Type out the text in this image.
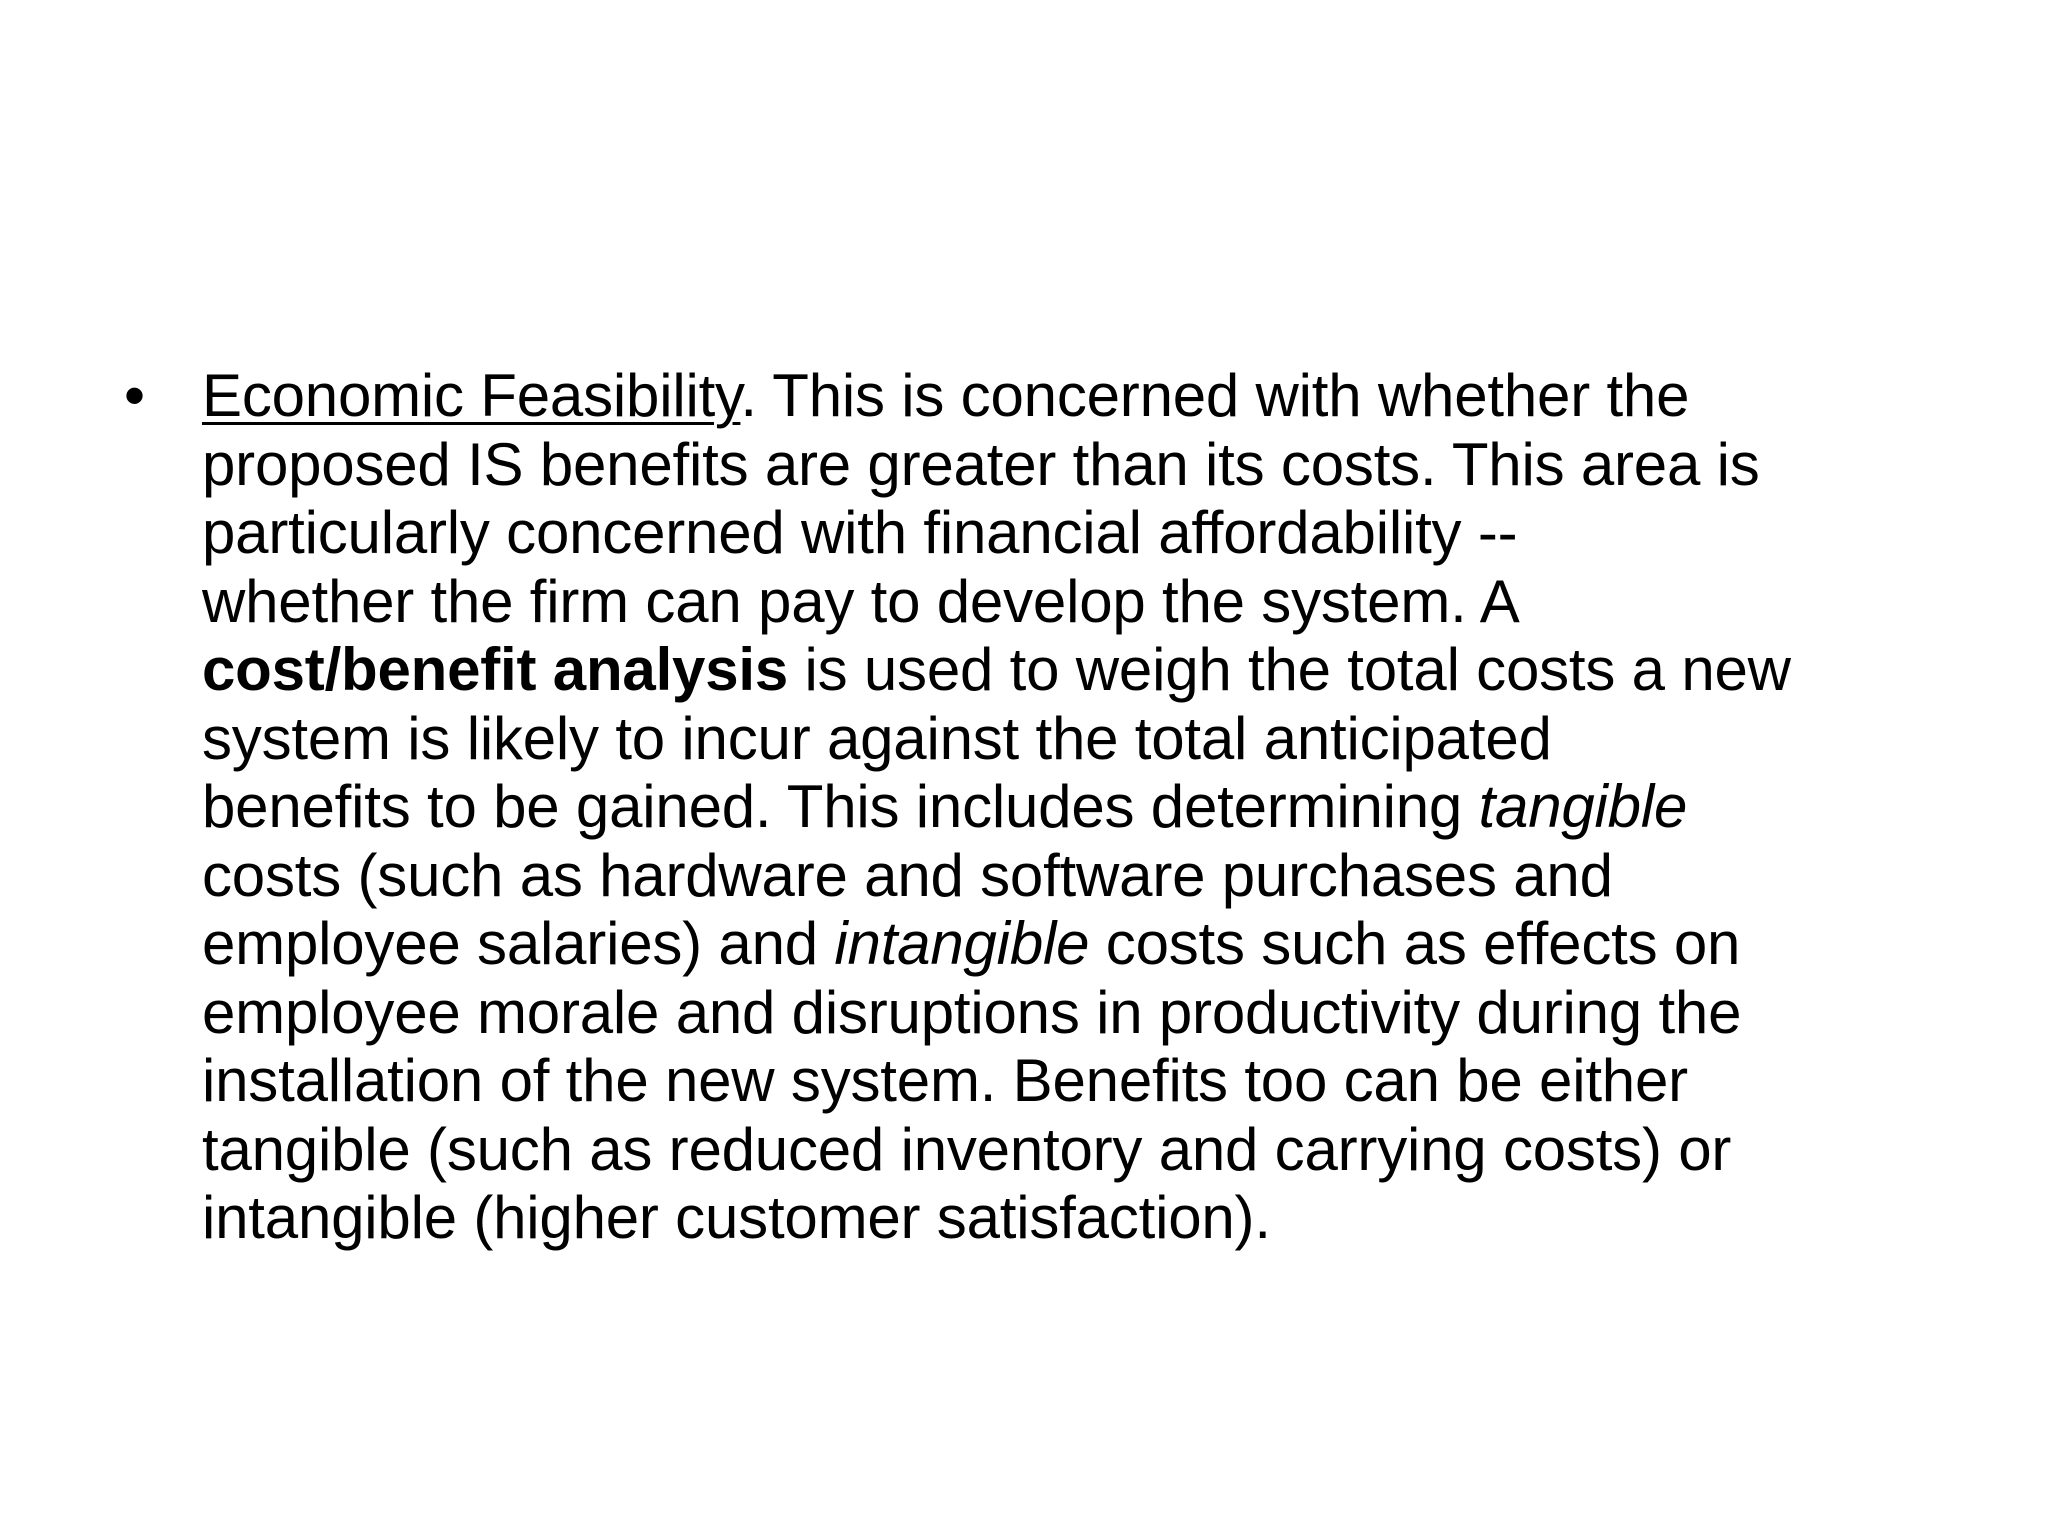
• Economic Feasibility. This is concerned with whether the
proposed IS benefits are greater than its costs. This area is
particularly concerned with financial affordability --
whether the firm can pay to develop the system. A
cost/benefit analysis is used to weigh the total costs a new
system is likely to incur against the total anticipated
benefits to be gained. This includes determining tangible
costs (such as hardware and software purchases and
employee salaries) and intangible costs such as effects on
employee morale and disruptions in productivity during the
installation of the new system. Benefits too can be either
tangible (such as reduced inventory and carrying costs) or
intangible (higher customer satisfaction).
